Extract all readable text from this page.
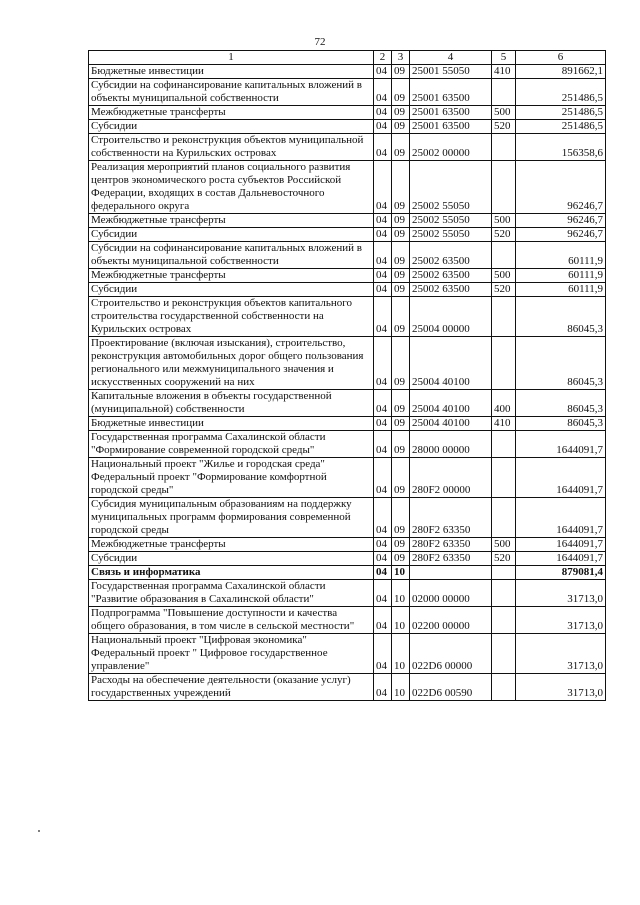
72
1	2	3	4	5	6
Бюджетные инвестиции	04	09	25001 55050	410	891662,1
Субсидии на софинансирование капитальных вложений в объекты муниципальной собственности	04	09	25001 63500		251486,5
Межбюджетные трансферты	04	09	25001 63500	500	251486,5
Субсидии	04	09	25001 63500	520	251486,5
Строительство и реконструкция объектов муниципальной собственности на Курильских островах	04	09	25002 00000		156358,6
Реализация мероприятий планов социального развития центров экономического роста субъектов Российской Федерации, входящих в состав Дальневосточного федерального округа	04	09	25002 55050		96246,7
Межбюджетные трансферты	04	09	25002 55050	500	96246,7
Субсидии	04	09	25002 55050	520	96246,7
Субсидии на софинансирование капитальных вложений в объекты муниципальной собственности	04	09	25002 63500		60111,9
Межбюджетные трансферты	04	09	25002 63500	500	60111,9
Субсидии	04	09	25002 63500	520	60111,9
Строительство и реконструкция объектов капитального строительства государственной собственности на Курильских островах	04	09	25004 00000		86045,3
Проектирование (включая изыскания), строительство, реконструкция автомобильных дорог общего пользования регионального или межмуниципального значения и искусственных сооружений на них	04	09	25004 40100		86045,3
Капитальные вложения в объекты государственной (муниципальной) собственности	04	09	25004 40100	400	86045,3
Бюджетные инвестиции	04	09	25004 40100	410	86045,3
Государственная программа Сахалинской области "Формирование современной городской среды"	04	09	28000 00000		1644091,7
Национальный проект "Жилье и городская среда" Федеральный проект "Формирование комфортной городской среды"	04	09	280F2 00000		1644091,7
Субсидия муниципальным образованиям на поддержку муниципальных программ формирования современной городской среды	04	09	280F2 63350		1644091,7
Межбюджетные трансферты	04	09	280F2 63350	500	1644091,7
Субсидии	04	09	280F2 63350	520	1644091,7
Связь и информатика	04	10			879081,4
Государственная программа Сахалинской области "Развитие образования в Сахалинской области"	04	10	02000 00000		31713,0
Подпрограмма "Повышение доступности и качества общего образования, в том числе в сельской местности"	04	10	02200 00000		31713,0
Национальный проект "Цифровая экономика" Федеральный проект " Цифровое государственное управление"	04	10	022D6 00000		31713,0
Расходы на обеспечение деятельности (оказание услуг) государственных учреждений	04	10	022D6 00590		31713,0
